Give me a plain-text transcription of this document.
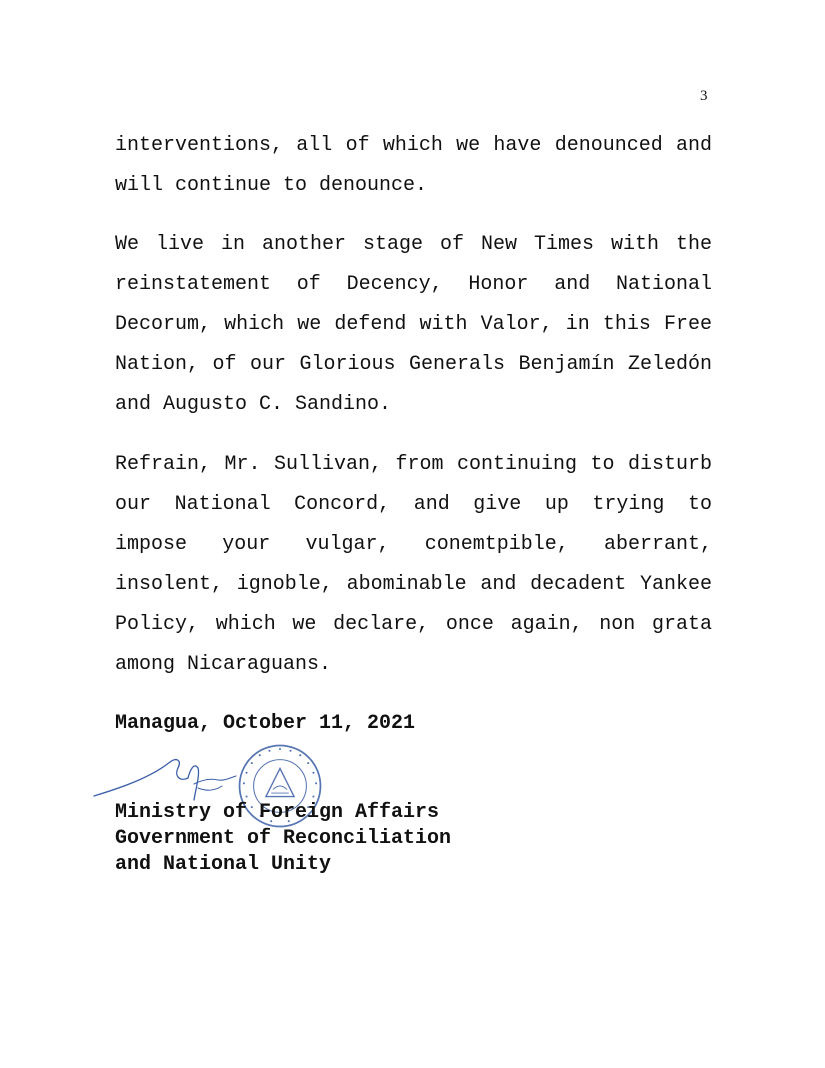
3

interventions, all of which we have denounced and will continue to denounce.

We live in another stage of New Times with the reinstatement of Decency, Honor and National Decorum, which we defend with Valor, in this Free Nation, of our Glorious Generals Benjamín Zeledón and Augusto C. Sandino.

Refrain, Mr. Sullivan, from continuing to disturb our National Concord, and give up trying to impose your vulgar, conemtpible, aberrant, insolent, ignoble, abominable and decadent Yankee Policy, which we declare, once again, non grata among Nicaraguans.

Managua, October 11, 2021
Ministry of Foreign Affairs
Government of Reconciliation
and National Unity
